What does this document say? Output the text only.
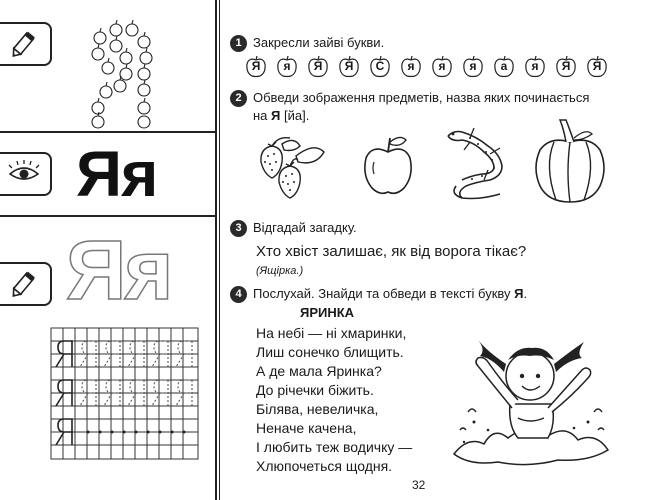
Яя
Яя
1 Закресли зайві букви.
Я	я	Я	Я	С	я	я	я	а	я	Я	Я
2 Обведи зображення предметів, назва яких починається
на Я [йа].
3 Відгадай загадку.
Хто хвіст залишає, як від ворога тікає?
(Ящірка.)
4 Послухай. Знайди та обведи в тексті букву Я.
ЯРИНКА
На небі — ні хмаринки,
Лиш сонечко блищить.
А де мала Яринка?
До річечки біжить.
Білява, невеличка,
Неначе качена,
І любить теж водичку —
Хлюпочеться щодня.
32
